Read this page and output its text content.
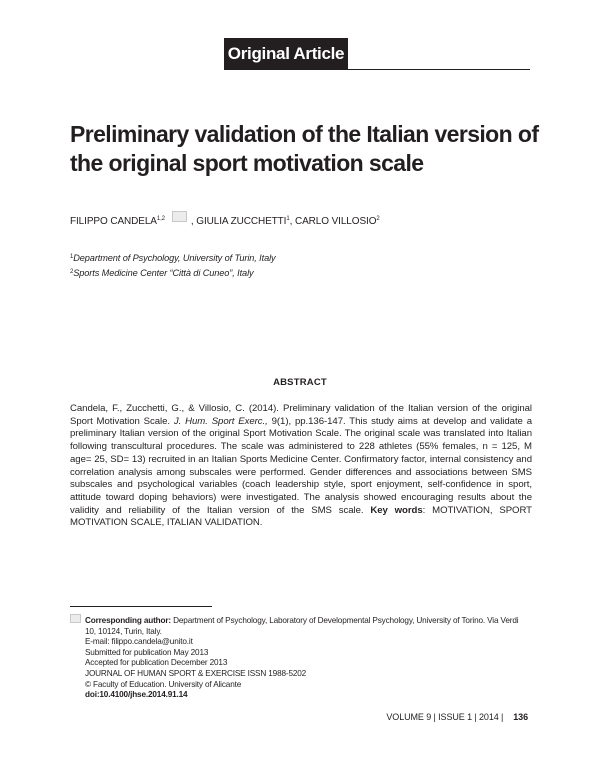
Original Article
Preliminary validation of the Italian version of the original sport motivation scale
FILIPPO CANDELA$^{1,2}$	, GIULIA ZUCCHETTI$^1$, CARLO VILLOSIO$^2$
$^1$Department of Psychology, University of Turin, Italy
$^2$Sports Medicine Center “Città di Cuneo”, Italy
ABSTRACT
Candela, F., Zucchetti, G., & Villosio, C. (2014). Preliminary validation of the Italian version of the original Sport Motivation Scale. J. Hum. Sport Exerc., 9(1), pp.136-147. This study aims at develop and validate a preliminary Italian version of the original Sport Motivation Scale. The original scale was translated into Italian following transcultural procedures. The scale was administered to 228 athletes (55% females, n = 125, M age= 25, SD= 13) recruited in an Italian Sports Medicine Center. Confirmatory factor, internal consistency and correlation analysis among subscales were performed. Gender differences and associations between SMS subscales and psychological variables (coach leadership style, sport enjoyment, self-confidence in sport, attitude toward doping behaviors) were investigated. The analysis showed encouraging results about the validity and reliability of the Italian version of the SMS scale. Key words: MOTIVATION, SPORT MOTIVATION SCALE, ITALIAN VALIDATION.
Corresponding author: Department of Psychology, Laboratory of Developmental Psychology, University of Torino. Via Verdi
10, 10124, Turin, Italy.
E-mail: filippo.candela@unito.it
Submitted for publication May 2013
Accepted for publication December 2013
JOURNAL OF HUMAN SPORT & EXERCISE ISSN 1988-5202
© Faculty of Education. University of Alicante
doi:10.4100/jhse.2014.91.14
VOLUME 9 | ISSUE 1 | 2014 | 136
